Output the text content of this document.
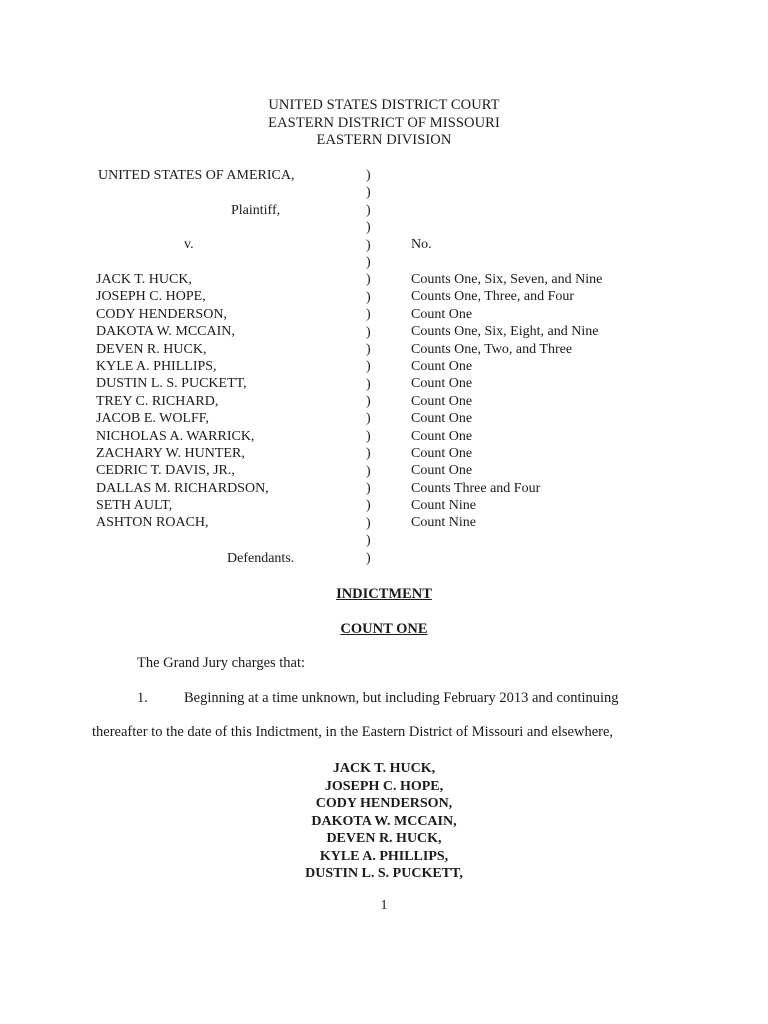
UNITED STATES DISTRICT COURT
EASTERN DISTRICT OF MISSOURI
EASTERN DIVISION
UNITED STATES OF AMERICA,
Plaintiff,
v.	No.
)
)
)
)
)
)
)
)
)
)
)
)
)
)
)
)
)
)
)
)
)
)
)
JACK T. HUCK,
JOSEPH C. HOPE,
CODY HENDERSON,
DAKOTA W. MCCAIN,
DEVEN R. HUCK,
KYLE A. PHILLIPS,
DUSTIN L. S. PUCKETT,
TREY C. RICHARD,
JACOB E. WOLFF,
NICHOLAS A. WARRICK,
ZACHARY W. HUNTER,
CEDRIC T. DAVIS, JR.,
DALLAS M. RICHARDSON,
SETH AULT,
ASHTON ROACH,
Counts One, Six, Seven, and Nine
Counts One, Three, and Four
Count One
Counts One, Six, Eight, and Nine
Counts One, Two, and Three
Count One
Count One
Count One
Count One
Count One
Count One
Count One
Counts Three and Four
Count Nine
Count Nine
Defendants.
INDICTMENT
COUNT ONE
The Grand Jury charges that:
1. Beginning at a time unknown, but including February 2013 and continuing
thereafter to the date of this Indictment, in the Eastern District of Missouri and elsewhere,
JACK T. HUCK,
JOSEPH C. HOPE,
CODY HENDERSON,
DAKOTA W. MCCAIN,
DEVEN R. HUCK,
KYLE A. PHILLIPS,
DUSTIN L. S. PUCKETT,
1
